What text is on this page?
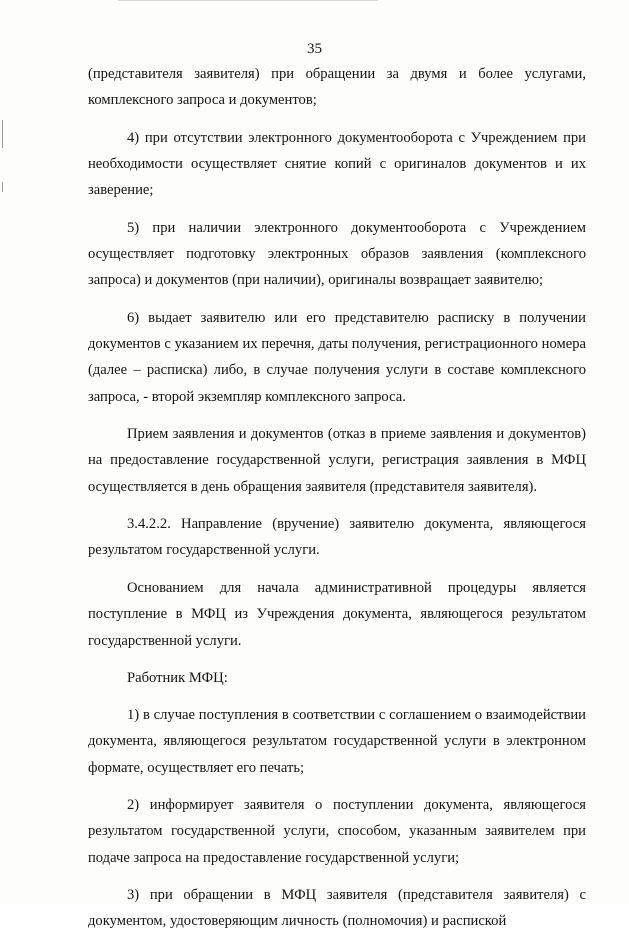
35

(представителя заявителя) при обращении за двумя и более услугами, комплексного запроса и документов;

4) при отсутствии электронного документооборота с Учреждением при необходимости осуществляет снятие копий с оригиналов документов и их заверение;

5) при наличии электронного документооборота с Учреждением осуществляет подготовку электронных образов заявления (комплексного запроса) и документов (при наличии), оригиналы возвращает заявителю;

6) выдает заявителю или его представителю расписку в получении документов с указанием их перечня, даты получения, регистрационного номера (далее – расписка) либо, в случае получения услуги в составе комплексного запроса, - второй экземпляр комплексного запроса.

Прием заявления и документов (отказ в приеме заявления и документов) на предоставление государственной услуги, регистрация заявления в МФЦ осуществляется в день обращения заявителя (представителя заявителя).

3.4.2.2. Направление (вручение) заявителю документа, являющегося результатом государственной услуги.

Основанием для начала административной процедуры является поступление в МФЦ из Учреждения документа, являющегося результатом государственной услуги.

Работник МФЦ:

1) в случае поступления в соответствии с соглашением о взаимодействии документа, являющегося результатом государственной услуги в электронном формате, осуществляет его печать;

2) информирует заявителя о поступлении документа, являющегося результатом государственной услуги, способом, указанным заявителем при подаче запроса на предоставление государственной услуги;

3) при обращении в МФЦ заявителя (представителя заявителя) с документом, удостоверяющим личность (полномочия) и распиской
